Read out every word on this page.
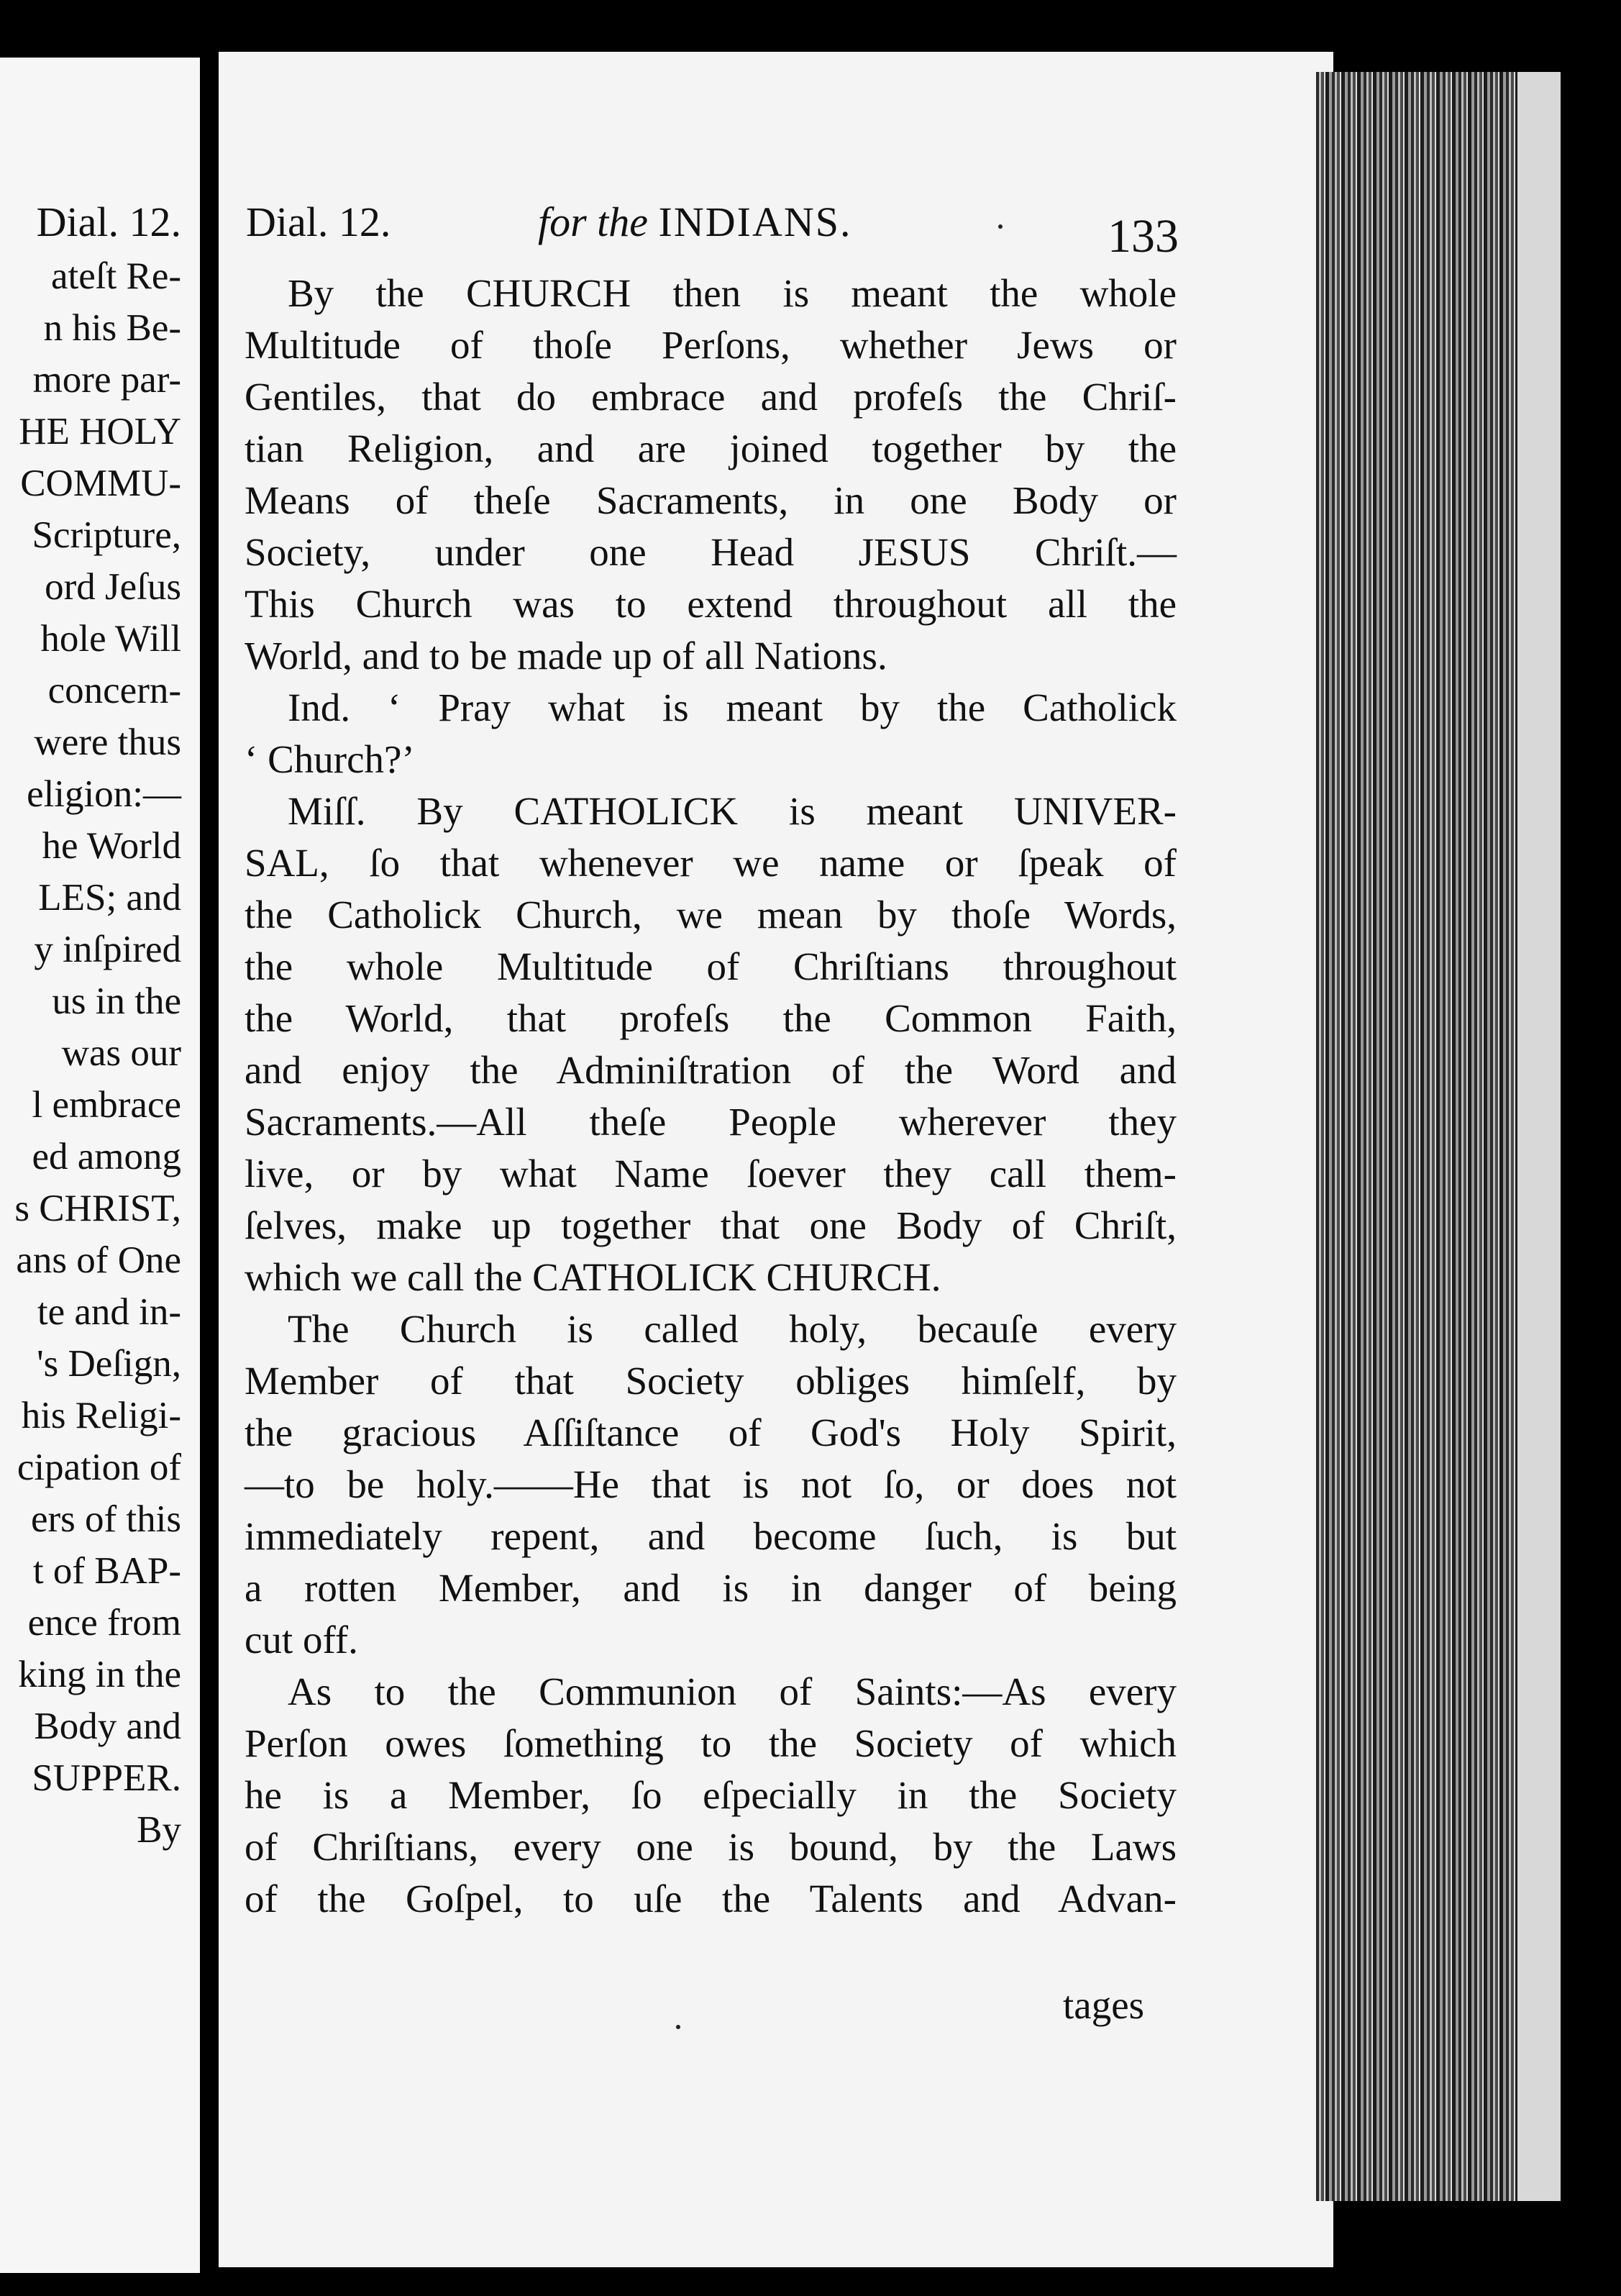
Dial. 12.
ateſt Re-
n his Be-
more par-
HE HOLY
COMMU-
Scripture,
ord Jeſus
hole Will
concern-
were thus
eligion:—
he World
LES; and
y inſpired
us in the
was our
l embrace
ed among
s CHRIST,
ans of One
te and in-
's Deſign,
his Religi-
cipation of
ers of this
t of BAP-
ence from
king in the
Body and
SUPPER.
By
Dial. 12.	for the INDIANS.	133
By the CHURCH then is meant the whole
Multitude of thoſe Perſons, whether Jews or
Gentiles, that do embrace and profeſs the Chriſ-
tian Religion, and are joined together by the
Means of theſe Sacraments, in one Body or
Society, under one Head JESUS Chriſt.—
This Church was to extend throughout all the
World, and to be made up of all Nations.
Ind. ‘ Pray what is meant by the Catholick
‘ Church?’
Miſſ. By CATHOLICK is meant UNIVER-
SAL, ſo that whenever we name or ſpeak of
the Catholick Church, we mean by thoſe Words,
the whole Multitude of Chriſtians throughout
the World, that profeſs the Common Faith,
and enjoy the Adminiſtration of the Word and
Sacraments.—All theſe People wherever they
live, or by what Name ſoever they call them-
ſelves, make up together that one Body of Chriſt,
which we call the CATHOLICK CHURCH.
The Church is called holy, becauſe every
Member of that Society obliges himſelf, by
the gracious Aſſiſtance of God's Holy Spirit,
—to be holy.——He that is not ſo, or does not
immediately repent, and become ſuch, is but
a rotten Member, and is in danger of being
cut off.
As to the Communion of Saints:—As every
Perſon owes ſomething to the Society of which
he is a Member, ſo eſpecially in the Society
of Chriſtians, every one is bound, by the Laws
of the Goſpel, to uſe the Talents and Advan-
tages
